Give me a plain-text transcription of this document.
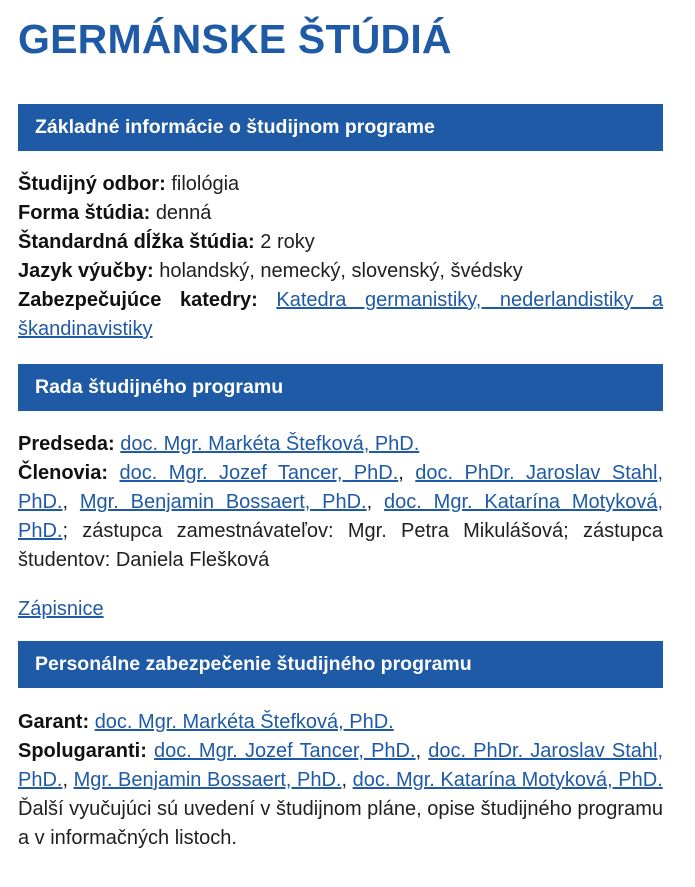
GERMÁNSKE ŠTÚDIÁ
Základné informácie o študijnom programe

Študijný odbor: filológia

Forma štúdia: denná

Štandardná dĺžka štúdia: 2 roky

Jazyk výučby: holandský, nemecký, slovenský, švédsky

Zabezpečujúce katedry: Katedra germanistiky, nederlandistiky a škandinavistiky

Rada študijného programu

Predseda: doc. Mgr. Markéta Štefková, PhD.

Členovia: doc. Mgr. Jozef Tancer, PhD., doc. PhDr. Jaroslav Stahl, PhD., Mgr. Benjamin Bossaert, PhD., doc. Mgr. Katarína Motyková, PhD.; zástupca zamestnávateľov: Mgr. Petra Mikulášová; zástupca študentov: Daniela Flešková

Zápisnice

Personálne zabezpečenie študijného programu

Garant: doc. Mgr. Markéta Štefková, PhD.

Spolugaranti: doc. Mgr. Jozef Tancer, PhD., doc. PhDr. Jaroslav Stahl, PhD., Mgr. Benjamin Bossaert, PhD., doc. Mgr. Katarína Motyková, PhD.

Ďalší vyučujúci sú uvedení v študijnom pláne, opise študijného programu a v informačných listoch.
